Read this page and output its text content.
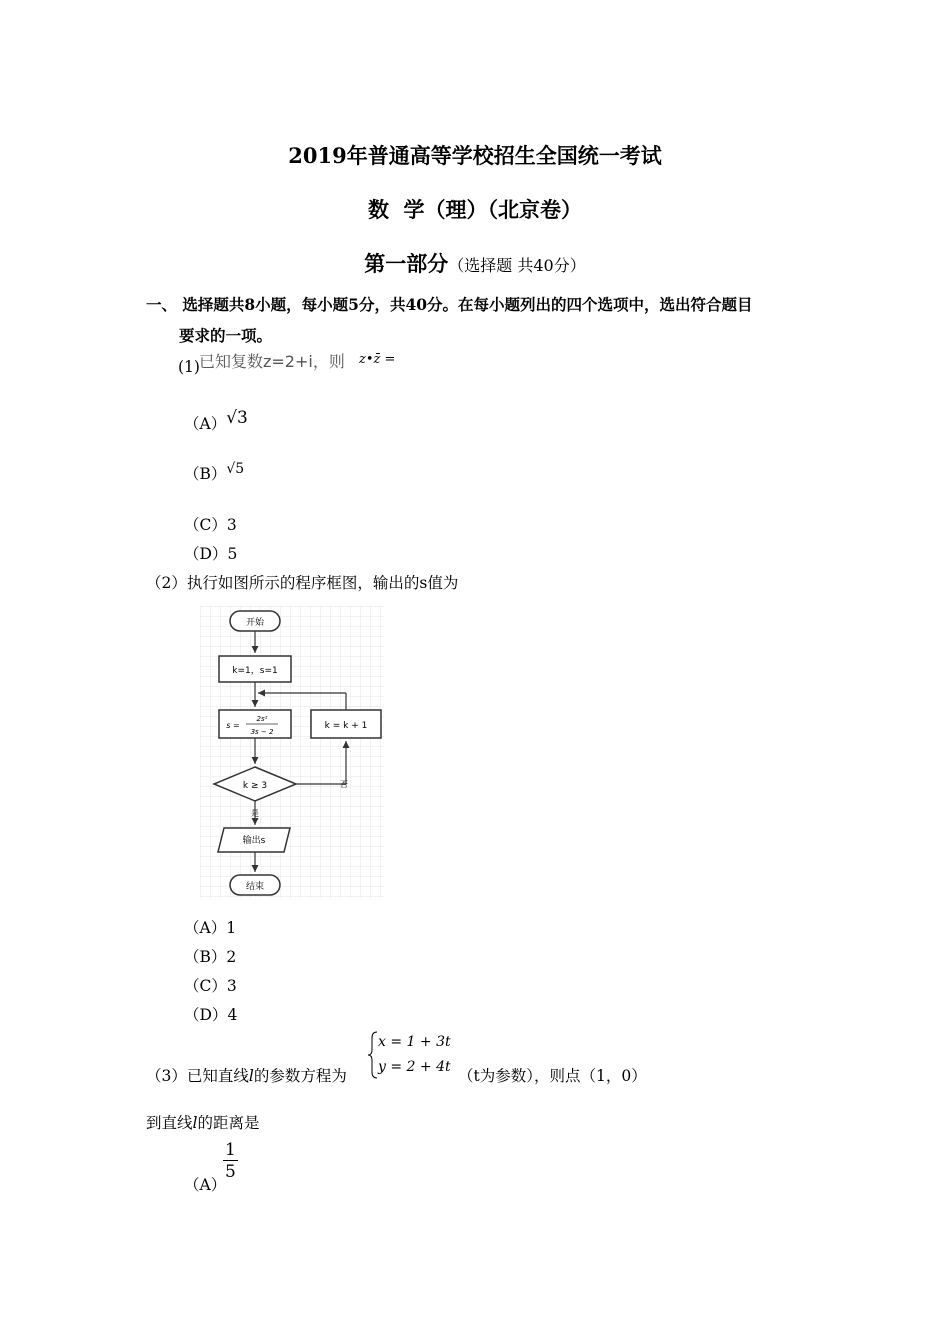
2019年普通高等学校招生全国统一考试
数  学（理）（北京卷）
第一部分（选择题 共40分）
一、 选择题共8小题，每小题5分，共40分。在每小题列出的四个选项中，选出符合题目
要求的一项。
(1) 已知复数z=2+i，则 z•z̄ =
（A）√3
（B）√5
（C）3
（D）5
（2）执行如图所示的程序框图，输出的s值为
开始
k=1，s=1
s =
2s²
3s − 2
k ≥ 3	否
k = k + 1
是
输出s
结束
（A）1
（B）2
（C）3
（D）4
（3）已知直线l的参数方程为
x = 1 + 3t
y = 2 + 4t （t为参数），则点（1，0）
到直线l的距离是
（A）
$\frac{1}{5}$
